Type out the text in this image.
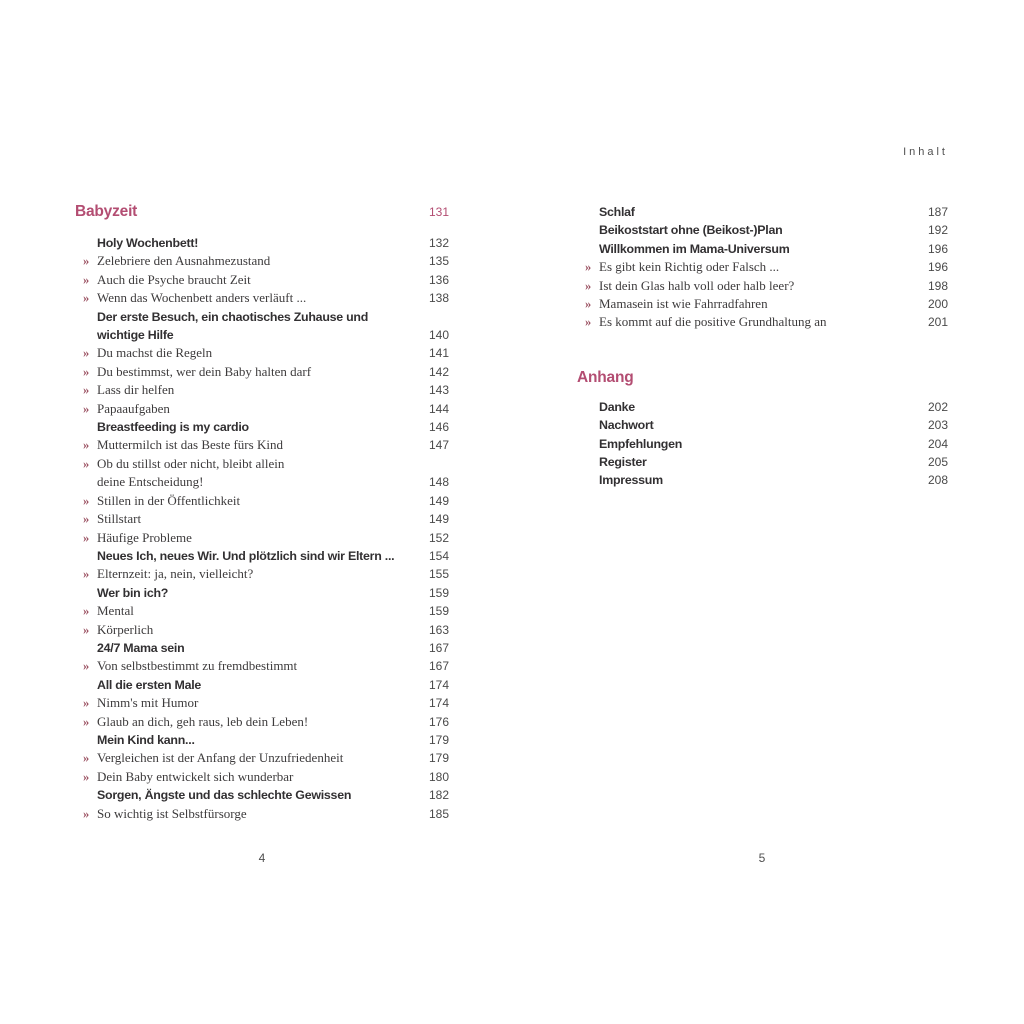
Inhalt
Babyzeit	131
Holy Wochenbett!	132
» Zelebriere den Ausnahmezustand	135
» Auch die Psyche braucht Zeit	136
» Wenn das Wochenbett anders verläuft ...	138
Der erste Besuch, ein chaotisches Zuhause und
wichtige Hilfe	140
» Du machst die Regeln	141
» Du bestimmst, wer dein Baby halten darf	142
» Lass dir helfen	143
» Papaaufgaben	144
Breastfeeding is my cardio	146
» Muttermilch ist das Beste fürs Kind	147
» Ob du stillst oder nicht, bleibt allein
deine Entscheidung!	148
» Stillen in der Öffentlichkeit	149
» Stillstart	149
» Häufige Probleme	152
Neues Ich, neues Wir. Und plötzlich sind wir Eltern ...	154
» Elternzeit: ja, nein, vielleicht?	155
Wer bin ich?	159
» Mental	159
» Körperlich	163
24/7 Mama sein	167
» Von selbstbestimmt zu fremdbestimmt	167
All die ersten Male	174
» Nimm's mit Humor	174
» Glaub an dich, geh raus, leb dein Leben!	176
Mein Kind kann...	179
» Vergleichen ist der Anfang der Unzufriedenheit	179
» Dein Baby entwickelt sich wunderbar	180
Sorgen, Ängste und das schlechte Gewissen	182
» So wichtig ist Selbstfürsorge	185
Schlaf	187
Beikoststart ohne (Beikost-)Plan	192
Willkommen im Mama-Universum	196
» Es gibt kein Richtig oder Falsch ...	196
» Ist dein Glas halb voll oder halb leer?	198
» Mamasein ist wie Fahrradfahren	200
» Es kommt auf die positive Grundhaltung an	201
Anhang
Danke	202
Nachwort	203
Empfehlungen	204
Register	205
Impressum	208
4	5
